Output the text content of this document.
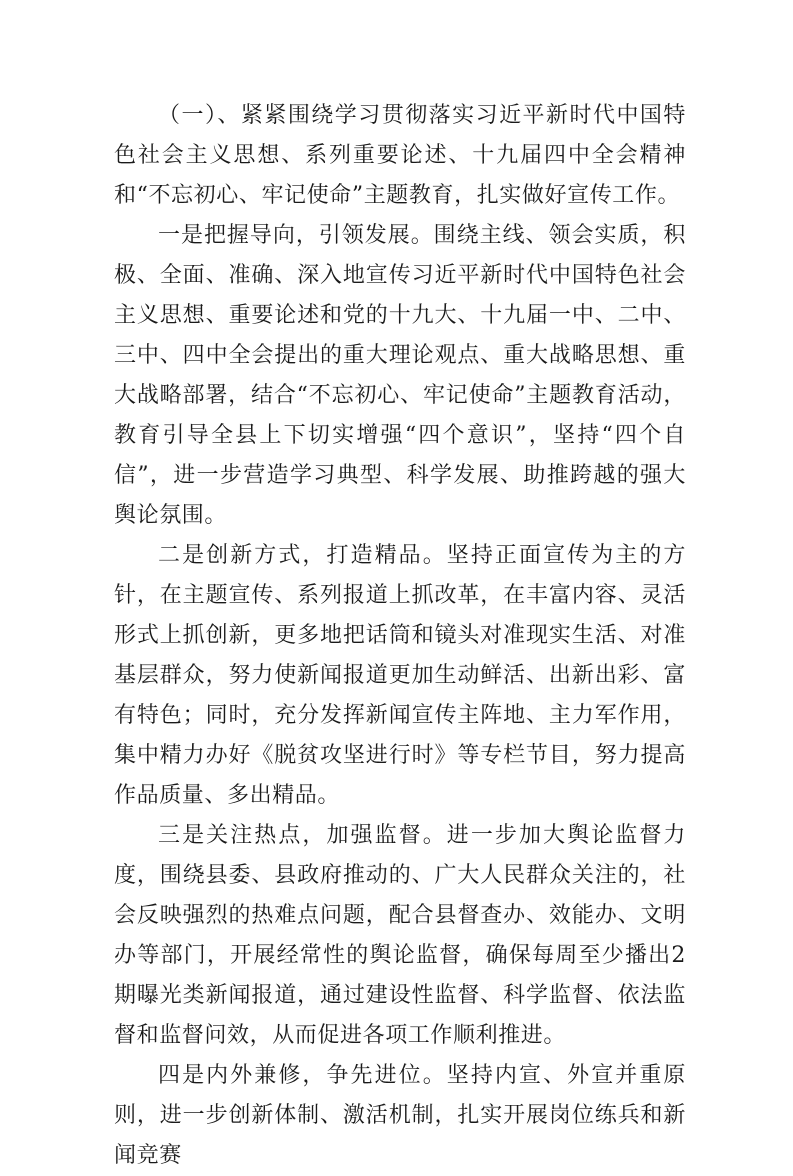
（一）、紧紧围绕学习贯彻落实习近平新时代中国特色社会主义思想、系列重要论述、十九届四中全会精神和“不忘初心、牢记使命”主题教育，扎实做好宣传工作。

一是把握导向，引领发展。围绕主线、领会实质，积极、全面、准确、深入地宣传习近平新时代中国特色社会主义思想、重要论述和党的十九大、十九届一中、二中、三中、四中全会提出的重大理论观点、重大战略思想、重大战略部署，结合“不忘初心、牢记使命”主题教育活动，教育引导全县上下切实增强“四个意识”，坚持“四个自信”，进一步营造学习典型、科学发展、助推跨越的强大舆论氛围。

二是创新方式，打造精品。坚持正面宣传为主的方针，在主题宣传、系列报道上抓改革，在丰富内容、灵活形式上抓创新，更多地把话筒和镜头对准现实生活、对准基层群众，努力使新闻报道更加生动鲜活、出新出彩、富有特色；同时，充分发挥新闻宣传主阵地、主力军作用，集中精力办好《脱贫攻坚进行时》等专栏节目，努力提高作品质量、多出精品。

三是关注热点，加强监督。进一步加大舆论监督力度，围绕县委、县政府推动的、广大人民群众关注的，社会反映强烈的热难点问题，配合县督查办、效能办、文明办等部门，开展经常性的舆论监督，确保每周至少播出2期曝光类新闻报道，通过建设性监督、科学监督、依法监督和监督问效，从而促进各项工作顺利推进。

四是内外兼修，争先进位。坚持内宣、外宣并重原则，进一步创新体制、激活机制，扎实开展岗位练兵和新闻竞赛
